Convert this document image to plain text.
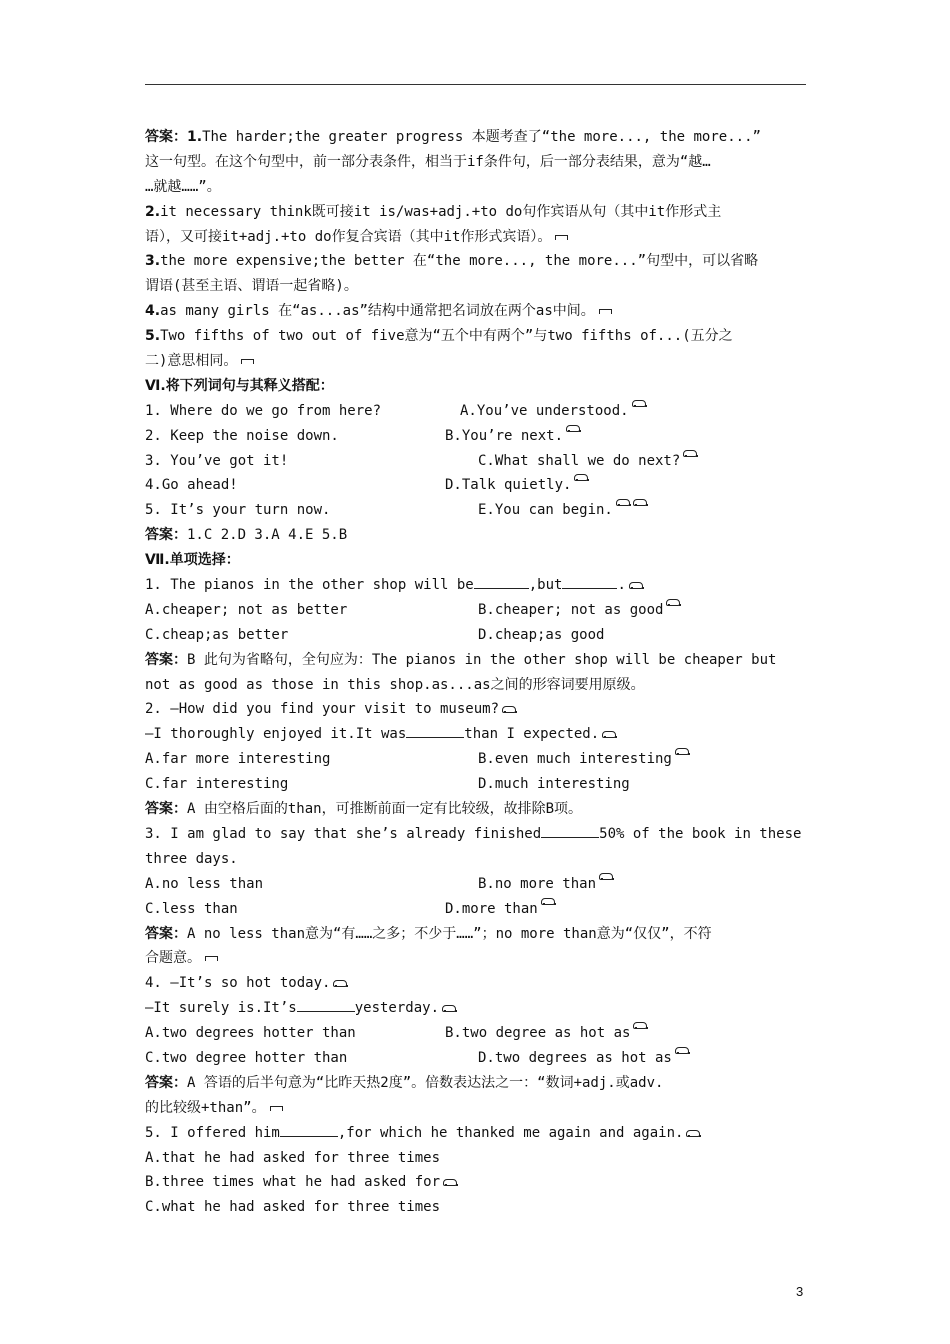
答案：1.The harder;the greater progress 本题考查了“the more..., the more...”
这一句型。在这个句型中，前一部分表条件，相当于if条件句，后一部分表结果，意为“越…
…就越……”。
2.it necessary think既可接it is/was+adj.+to do句作宾语从句（其中it作形式主
语），又可接it+adj.+to do作复合宾语（其中it作形式宾语）。
3.the more expensive;the better 在“the more..., the more...”句型中，可以省略
谓语(甚至主语、谓语一起省略)。
4.as many girls 在“as...as”结构中通常把名词放在两个as中间。
5.Two fifths of two out of five意为“五个中有两个”与two fifths of...(五分之
二)意思相同。
Ⅵ.将下列词句与其释义搭配：
1. Where do we go from here?	A.You’ve understood.
2. Keep the noise down.	B.You’re next.
3. You’ve got it!	C.What shall we do next?
4.Go ahead!	D.Talk quietly.
5. It’s your turn now.	E.You can begin.
答案：1.C 2.D 3.A 4.E 5.B
Ⅶ.单项选择：
1. The pianos in the other shop will be	,but	.
A.cheaper; not as better	B.cheaper; not as good
C.cheap;as better	D.cheap;as good
答案：B 此句为省略句，全句应为：The pianos in the other shop will be cheaper but
not as good as those in this shop.as...as之间的形容词要用原级。
2. —How did you find your visit to museum?
—I thoroughly enjoyed it.It was	than I expected.
A.far more interesting	B.even much interesting
C.far interesting	D.much interesting
答案：A 由空格后面的than，可推断前面一定有比较级，故排除B项。
3. I am glad to say that she’s already finished	50% of the book in these
three days.
A.no less than	B.no more than
C.less than	D.more than
答案：A no less than意为“有……之多；不少于……”；no more than意为“仅仅”，不符
合题意。
4. —It’s so hot today.
—It surely is.It’s	yesterday.
A.two degrees hotter than	B.two degree as hot as
C.two degree hotter than	D.two degrees as hot as
答案：A 答语的后半句意为“比昨天热2度”。倍数表达法之一：“数词+adj.或adv.
的比较级+than”。
5. I offered him	,for which he thanked me again and again.
A.that he had asked for three times
B.three times what he had asked for
C.what he had asked for three times
3
